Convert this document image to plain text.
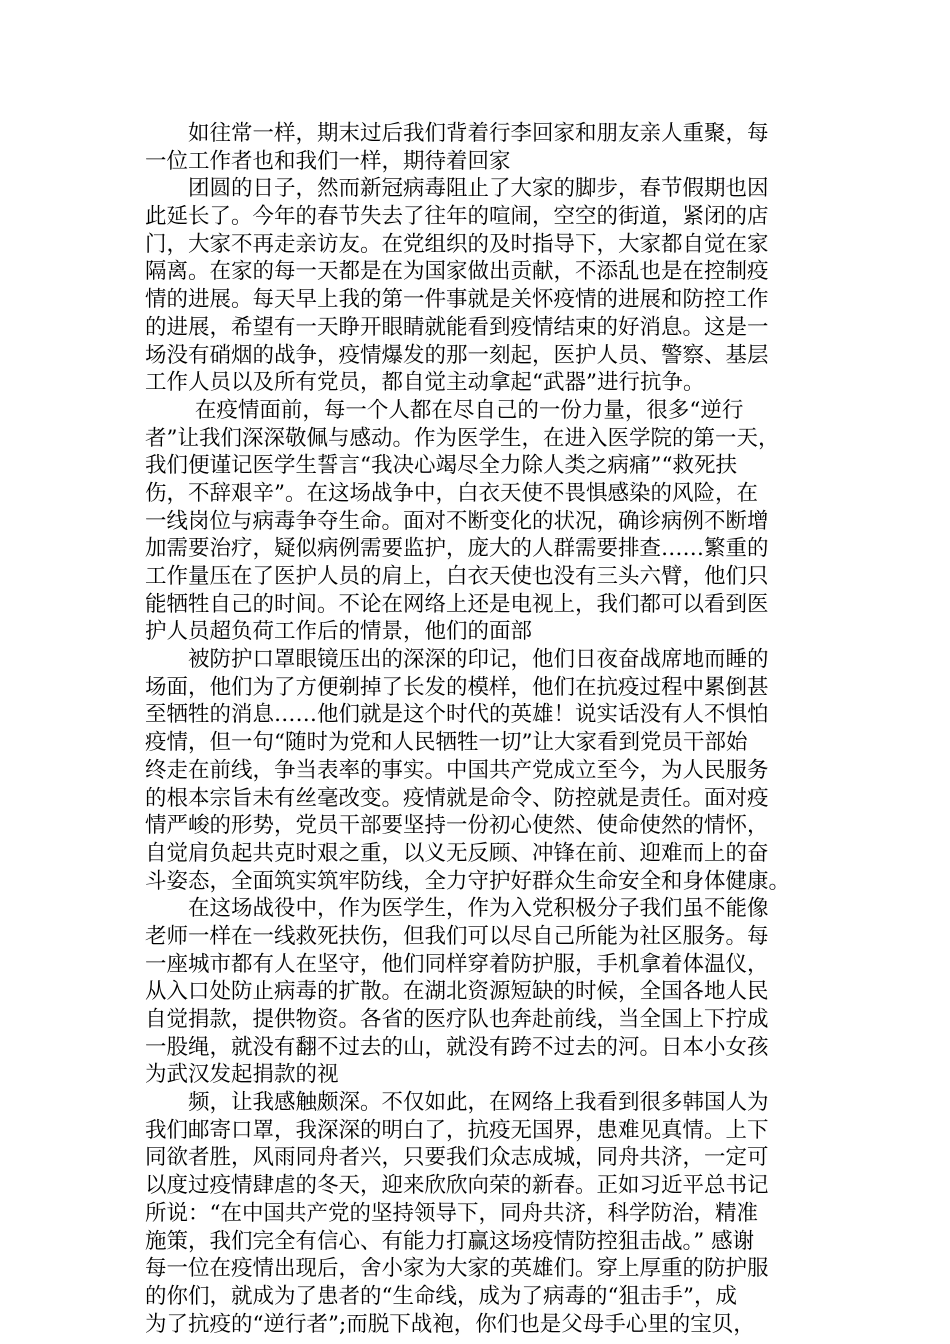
　　如往常一样，期末过后我们背着行李回家和朋友亲人重聚，每
一位工作者也和我们一样，期待着回家
　　团圆的日子，然而新冠病毒阻止了大家的脚步，春节假期也因
此延长了。今年的春节失去了往年的喧闹，空空的街道，紧闭的店
门，大家不再走亲访友。在党组织的及时指导下，大家都自觉在家
隔离。在家的每一天都是在为国家做出贡献，不添乱也是在控制疫
情的进展。每天早上我的第一件事就是关怀疫情的进展和防控工作
的进展，希望有一天睁开眼睛就能看到疫情结束的好消息。这是一
场没有硝烟的战争，疫情爆发的那一刻起，医护人员、警察、基层
工作人员以及所有党员，都自觉主动拿起“武器”进行抗争。
　　 在疫情面前，每一个人都在尽自己的一份力量，很多“逆行
者”让我们深深敬佩与感动。作为医学生，在进入医学院的第一天，
我们便谨记医学生誓言“我决心竭尽全力除人类之病痛”“救死扶
伤，不辞艰辛”。在这场战争中，白衣天使不畏惧感染的风险，在
一线岗位与病毒争夺生命。面对不断变化的状况，确诊病例不断增
加需要治疗，疑似病例需要监护，庞大的人群需要排查……繁重的
工作量压在了医护人员的肩上，白衣天使也没有三头六臂，他们只
能牺牲自己的时间。不论在网络上还是电视上，我们都可以看到医
护人员超负荷工作后的情景，他们的面部
　　被防护口罩眼镜压出的深深的印记，他们日夜奋战席地而睡的
场面，他们为了方便剃掉了长发的模样，他们在抗疫过程中累倒甚
至牺牲的消息……他们就是这个时代的英雄！说实话没有人不惧怕
疫情，但一句“随时为党和人民牺牲一切”让大家看到党员干部始
终走在前线，争当表率的事实。中国共产党成立至今，为人民服务
的根本宗旨未有丝毫改变。疫情就是命令、防控就是责任。面对疫
情严峻的形势，党员干部要坚持一份初心使然、使命使然的情怀，
自觉肩负起共克时艰之重，以义无反顾、冲锋在前、迎难而上的奋
斗姿态，全面筑实筑牢防线，全力守护好群众生命安全和身体健康。
　　在这场战役中，作为医学生，作为入党积极分子我们虽不能像
老师一样在一线救死扶伤，但我们可以尽自己所能为社区服务。每
一座城市都有人在坚守，他们同样穿着防护服，手机拿着体温仪，
从入口处防止病毒的扩散。在湖北资源短缺的时候，全国各地人民
自觉捐款，提供物资。各省的医疗队也奔赴前线，当全国上下拧成
一股绳，就没有翻不过去的山，就没有跨不过去的河。日本小女孩
为武汉发起捐款的视
　　频，让我感触颇深。不仅如此，在网络上我看到很多韩国人为
我们邮寄口罩，我深深的明白了，抗疫无国界，患难见真情。上下
同欲者胜，风雨同舟者兴，只要我们众志成城，同舟共济，一定可
以度过疫情肆虐的冬天，迎来欣欣向荣的新春。正如习近平总书记
所说：“在中国共产党的坚持领导下，同舟共济，科学防治，精准
施策，我们完全有信心、有能力打赢这场疫情防控狙击战。” 感谢
每一位在疫情出现后，舍小家为大家的英雄们。穿上厚重的防护服
的你们，就成为了患者的“生命线，成为了病毒的“狙击手”，成
为了抗疫的“逆行者”;而脱下战袍，你们也是父母手心里的宝贝，
